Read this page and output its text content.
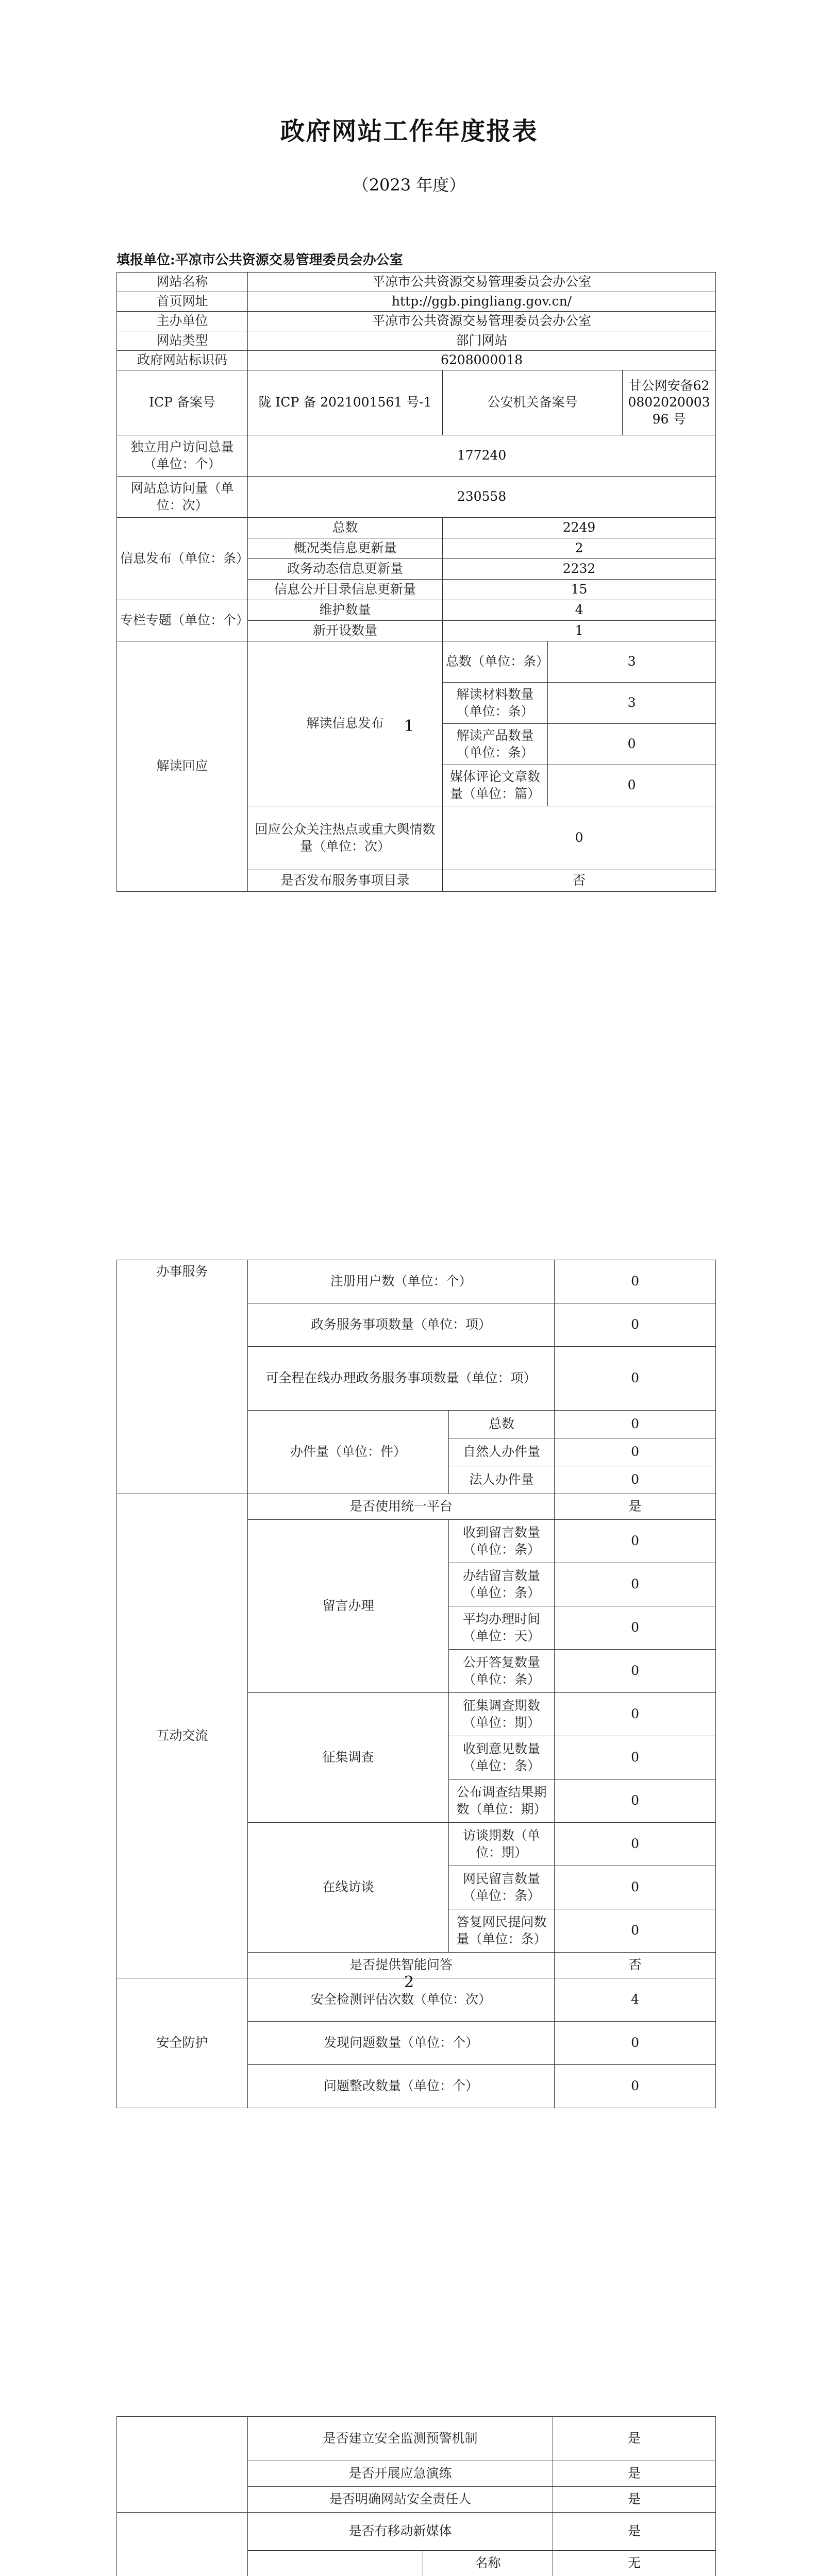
政府网站工作年度报表
（2023 年度）
填报单位:平凉市公共资源交易管理委员会办公室
网站名称	平凉市公共资源交易管理委员会办公室			
首页网址	http://ggb.pingliang.gov.cn/			
主办单位	平凉市公共资源交易管理委员会办公室			
网站类型	部门网站			
政府网站标识码	6208000018			
ICP 备案号	陇 ICP 备 2021001561 号-1	公安机关备案号		甘公网安备62080202000396 号
独立用户访问总量（单位：个）	177240			
网站总访问量（单位：次）	230558			
信息发布（单位：条）	总数	2249		
	概况类信息更新量	2		
	政务动态信息更新量	2232		
	信息公开目录信息更新量	15		
专栏专题（单位：个）	维护数量	4		
	新开设数量	1		
解读回应	解读信息发布	总数（单位：条）	3	
		解读材料数量（单位：条）	3	
		解读产品数量（单位：条）	0	
		媒体评论文章数量（单位：篇）	0	
	回应公众关注热点或重大舆情数量（单位：次）	0		
	是否发布服务事项目录	否		
1
办事服务	注册用户数（单位：个）		0
	政务服务事项数量（单位：项）		0
	可全程在线办理政务服务事项数量（单位：项）		0
	办件量（单位：件）	总数	0
		自然人办件量	0
		法人办件量	0
互动交流	是否使用统一平台		是
	留言办理	收到留言数量（单位：条）	0
		办结留言数量（单位：条）	0
		平均办理时间（单位：天）	0
		公开答复数量（单位：条）	0
	征集调查	征集调查期数（单位：期）	0
		收到意见数量（单位：条）	0
		公布调查结果期数（单位：期）	0
	在线访谈	访谈期数（单位：期）	0
		网民留言数量（单位：条）	0
		答复网民提问数量（单位：条）	0
	是否提供智能问答		否
安全防护	安全检测评估次数（单位：次）		4
	发现问题数量（单位：个）		0
	问题整改数量（单位：个）		0
2
	是否建立安全监测预警机制		是
	是否开展应急演练		是
	是否明确网站安全责任人		是
	是否有移动新媒体		是
	名称	无
